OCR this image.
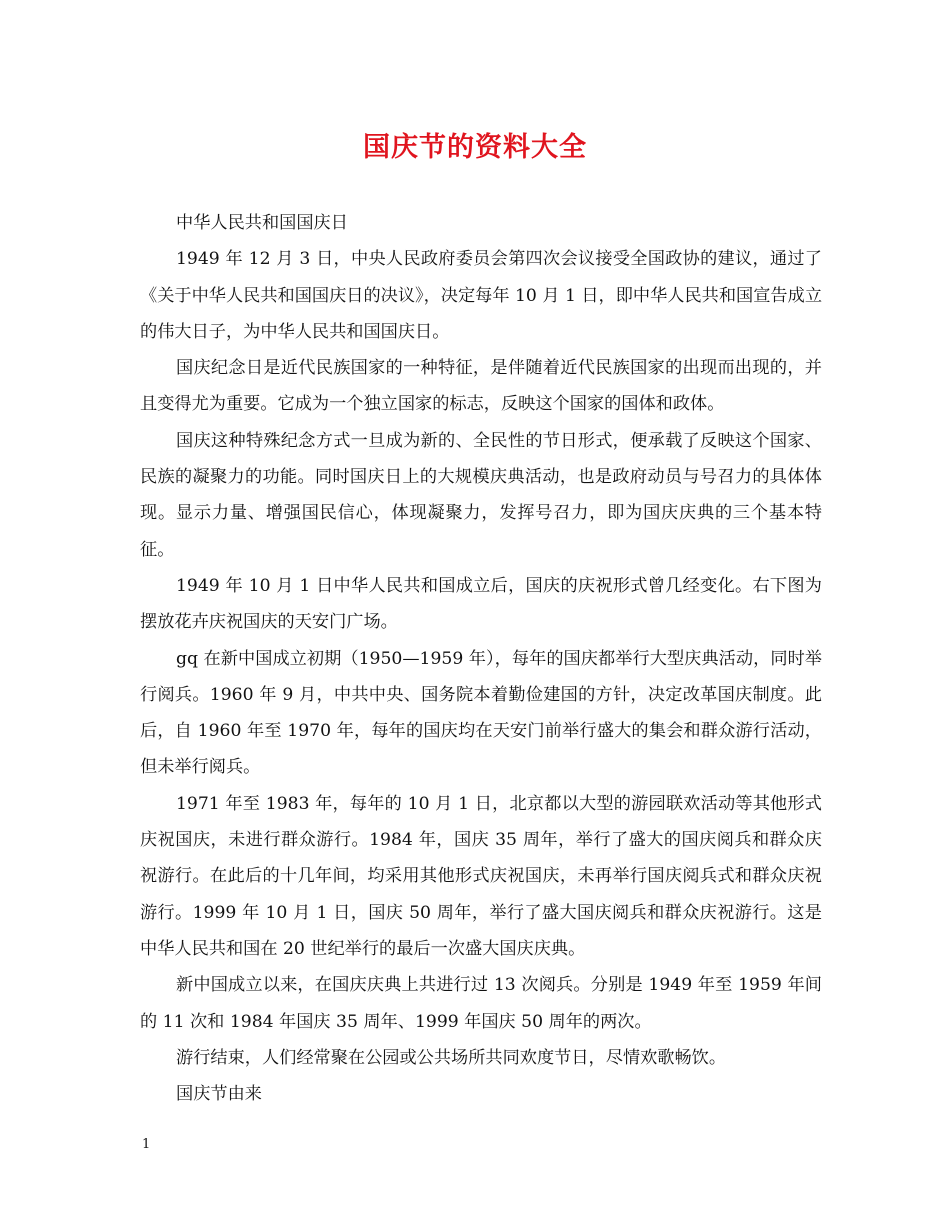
国庆节的资料大全

中华人民共和国国庆日

1949 年 12 月 3 日，中央人民政府委员会第四次会议接受全国政协的建议，通过了《关于中华人民共和国国庆日的决议》，决定每年 10 月 1 日，即中华人民共和国宣告成立的伟大日子，为中华人民共和国国庆日。

国庆纪念日是近代民族国家的一种特征，是伴随着近代民族国家的出现而出现的，并且变得尤为重要。它成为一个独立国家的标志，反映这个国家的国体和政体。

国庆这种特殊纪念方式一旦成为新的、全民性的节日形式，便承载了反映这个国家、民族的凝聚力的功能。同时国庆日上的大规模庆典活动，也是政府动员与号召力的具体体现。显示力量、增强国民信心，体现凝聚力，发挥号召力，即为国庆庆典的三个基本特征。

1949 年 10 月 1 日中华人民共和国成立后，国庆的庆祝形式曾几经变化。右下图为摆放花卉庆祝国庆的天安门广场。

gq 在新中国成立初期（1950—1959 年），每年的国庆都举行大型庆典活动，同时举行阅兵。1960 年 9 月，中共中央、国务院本着勤俭建国的方针，决定改革国庆制度。此后，自 1960 年至 1970 年，每年的国庆均在天安门前举行盛大的集会和群众游行活动，但未举行阅兵。

1971 年至 1983 年，每年的 10 月 1 日，北京都以大型的游园联欢活动等其他形式庆祝国庆，未进行群众游行。1984 年，国庆 35 周年，举行了盛大的国庆阅兵和群众庆祝游行。在此后的十几年间，均采用其他形式庆祝国庆，未再举行国庆阅兵式和群众庆祝游行。1999 年 10 月 1 日，国庆 50 周年，举行了盛大国庆阅兵和群众庆祝游行。这是中华人民共和国在 20 世纪举行的最后一次盛大国庆庆典。

新中国成立以来，在国庆庆典上共进行过 13 次阅兵。分别是 1949 年至 1959 年间的 11 次和 1984 年国庆 35 周年、1999 年国庆 50 周年的两次。

游行结束，人们经常聚在公园或公共场所共同欢度节日，尽情欢歌畅饮。

国庆节由来

1
